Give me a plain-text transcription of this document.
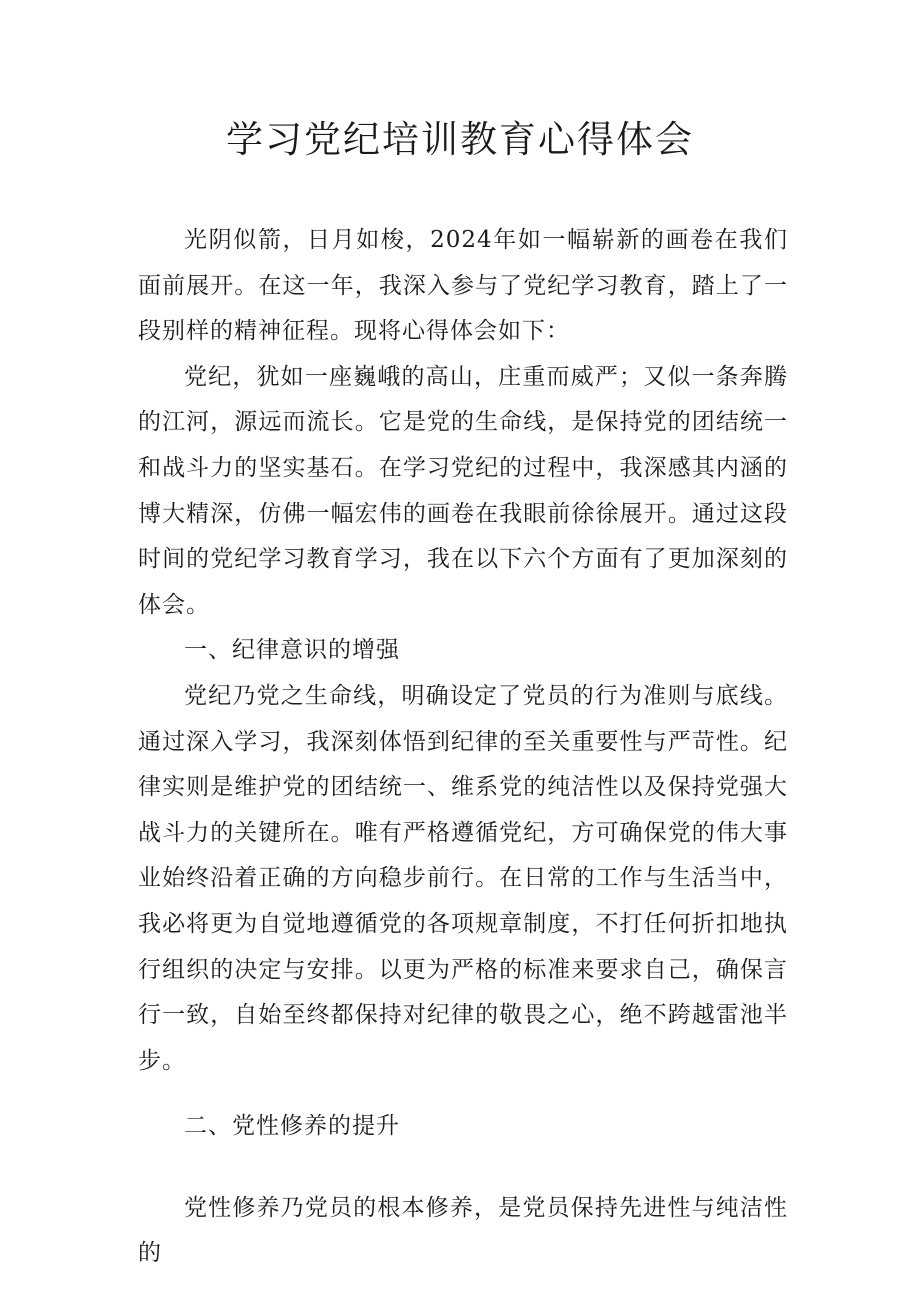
学习党纪培训教育心得体会

光阴似箭，日月如梭，2024年如一幅崭新的画卷在我们面前展开。在这一年，我深入参与了党纪学习教育，踏上了一段别样的精神征程。现将心得体会如下：

党纪，犹如一座巍峨的高山，庄重而威严；又似一条奔腾的江河，源远而流长。它是党的生命线，是保持党的团结统一和战斗力的坚实基石。在学习党纪的过程中，我深感其内涵的博大精深，仿佛一幅宏伟的画卷在我眼前徐徐展开。通过这段时间的党纪学习教育学习，我在以下六个方面有了更加深刻的体会。

一、纪律意识的增强

党纪乃党之生命线，明确设定了党员的行为准则与底线。通过深入学习，我深刻体悟到纪律的至关重要性与严苛性。纪律实则是维护党的团结统一、维系党的纯洁性以及保持党强大战斗力的关键所在。唯有严格遵循党纪，方可确保党的伟大事业始终沿着正确的方向稳步前行。在日常的工作与生活当中，我必将更为自觉地遵循党的各项规章制度，不打任何折扣地执行组织的决定与安排。以更为严格的标准来要求自己，确保言行一致，自始至终都保持对纪律的敬畏之心，绝不跨越雷池半步。

二、党性修养的提升

党性修养乃党员的根本修养，是党员保持先进性与纯洁性的
